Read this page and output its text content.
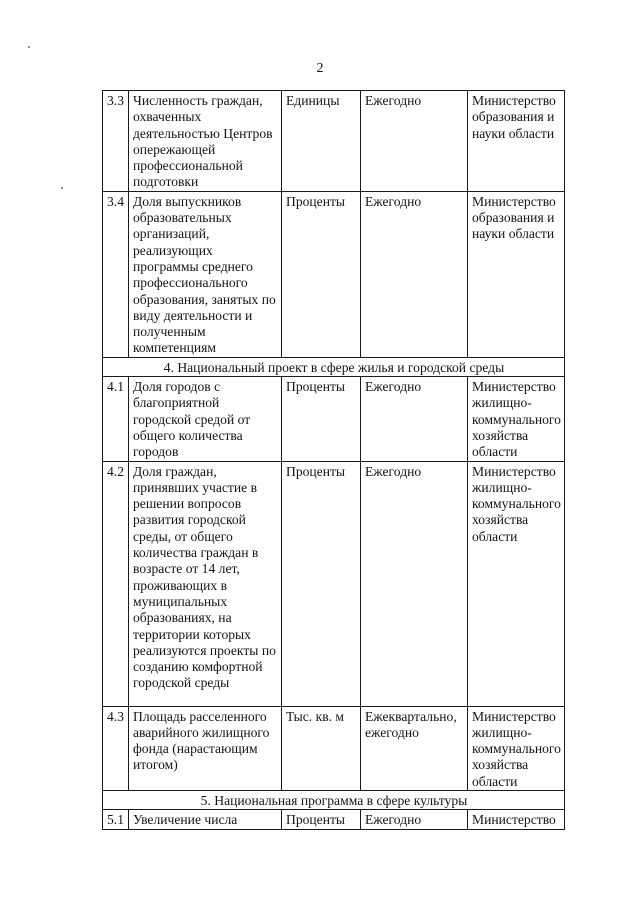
2
3.3	Численность граждан, охваченных деятельностью Центров опережающей профессиональной подготовки	Единицы	Ежегодно	Министерство образования и науки области
3.4	Доля выпускников образовательных организаций, реализующих программы среднего профессионального образования, занятых по виду деятельности и полученным компетенциям	Проценты	Ежегодно	Министерство образования и науки области
4. Национальный проект в сфере жилья и городской среды				
4.1	Доля городов с благоприятной городской средой от общего количества городов	Проценты	Ежегодно	Министерство жилищно-коммунального хозяйства области
4.2	Доля граждан, принявших участие в решении вопросов развития городской среды, от общего количества граждан в возрасте от 14 лет, проживающих в муниципальных образованиях, на территории которых реализуются проекты по созданию комфортной городской среды	Проценты	Ежегодно	Министерство жилищно-коммунального хозяйства области
4.3	Площадь расселенного аварийного жилищного фонда (нарастающим итогом)	Тыс. кв. м	Ежеквартально, ежегодно	Министерство жилищно-коммунального хозяйства области
5. Национальная программа в сфере культуры				
5.1	Увеличение числа	Проценты	Ежегодно	Министерство
